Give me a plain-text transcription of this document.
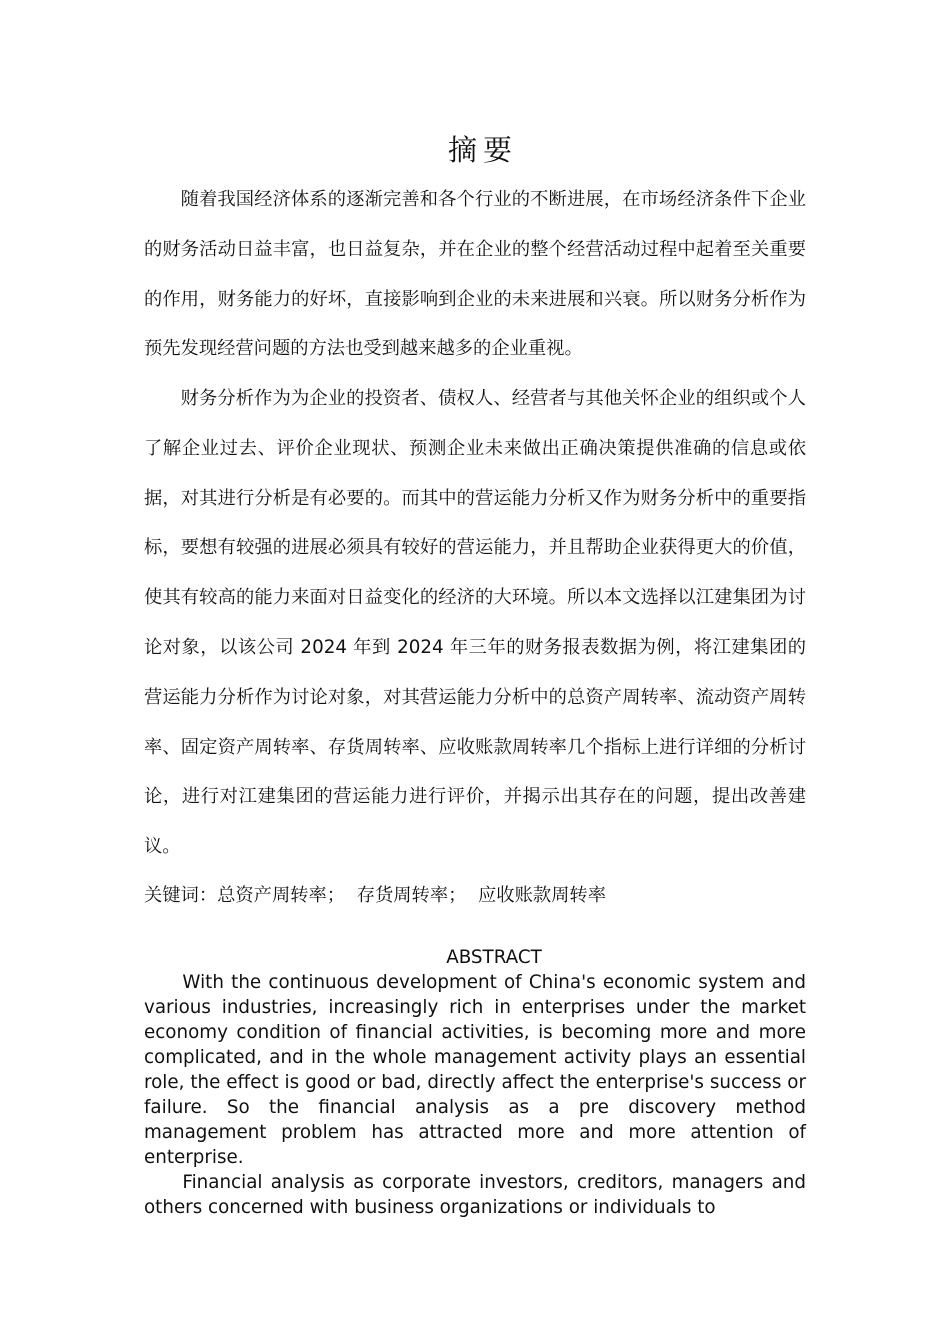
摘要

随着我国经济体系的逐渐完善和各个行业的不断进展，在市场经济条件下企业的财务活动日益丰富，也日益复杂，并在企业的整个经营活动过程中起着至关重要的作用，财务能力的好坏，直接影响到企业的未来进展和兴衰。所以财务分析作为预先发现经营问题的方法也受到越来越多的企业重视。

财务分析作为为企业的投资者、债权人、经营者与其他关怀企业的组织或个人了解企业过去、评价企业现状、预测企业未来做出正确决策提供准确的信息或依据，对其进行分析是有必要的。而其中的营运能力分析又作为财务分析中的重要指标，要想有较强的进展必须具有较好的营运能力，并且帮助企业获得更大的价值，使其有较高的能力来面对日益变化的经济的大环境。所以本文选择以江建集团为讨论对象，以该公司 2024 年到 2024 年三年的财务报表数据为例，将江建集团的营运能力分析作为讨论对象，对其营运能力分析中的总资产周转率、流动资产周转率、固定资产周转率、存货周转率、应收账款周转率几个指标上进行详细的分析讨论，进行对江建集团的营运能力进行评价，并揭示出其存在的问题，提出改善建议。

关键词：总资产周转率；  存货周转率；  应收账款周转率
ABSTRACT

With the continuous development of China's economic system and various industries, increasingly rich in enterprises under the market economy condition of financial activities, is becoming more and more complicated, and in the whole management activity plays an essential role, the effect is good or bad, directly affect the enterprise's success or failure. So the financial analysis as a pre discovery method management problem has attracted more and more attention of enterprise.

Financial analysis as corporate investors, creditors, managers and others concerned with business organizations or individuals to
